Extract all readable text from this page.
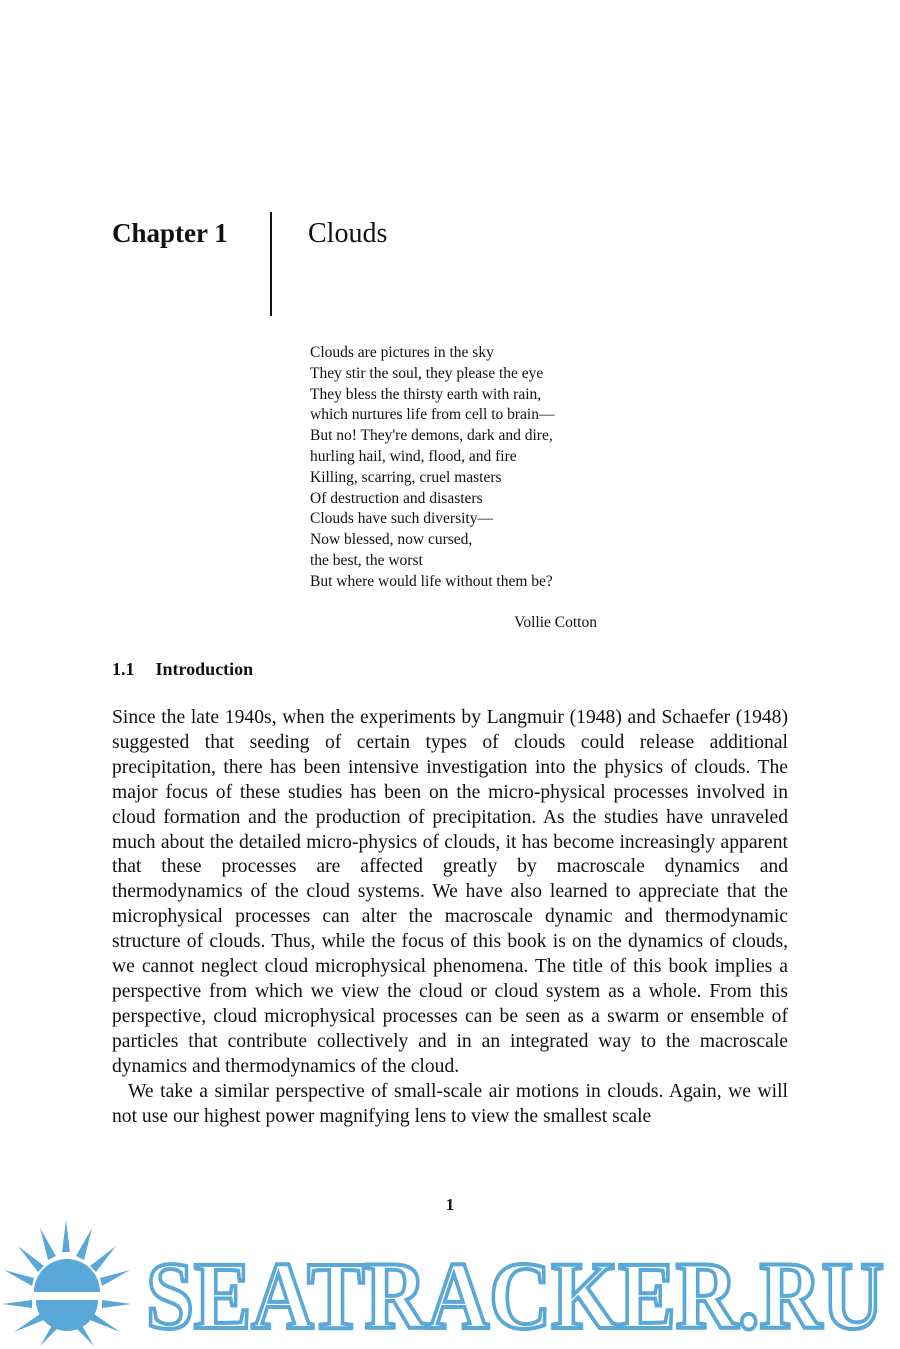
Chapter 1	Clouds
Clouds are pictures in the sky
They stir the soul, they please the eye
They bless the thirsty earth with rain,
which nurtures life from cell to brain—
But no! They're demons, dark and dire,
hurling hail, wind, flood, and fire
Killing, scarring, cruel masters
Of destruction and disasters
Clouds have such diversity—
Now blessed, now cursed,
the best, the worst
But where would life without them be?
Vollie Cotton
1.1 Introduction

Since the late 1940s, when the experiments by Langmuir (1948) and Schaefer (1948) suggested that seeding of certain types of clouds could release additional precipitation, there has been intensive investigation into the physics of clouds. The major focus of these studies has been on the micro-physical processes involved in cloud formation and the production of precipitation. As the studies have unraveled much about the detailed micro-physics of clouds, it has become increasingly apparent that these processes are affected greatly by macroscale dynamics and thermodynamics of the cloud systems. We have also learned to appreciate that the microphysical processes can alter the macroscale dynamic and thermodynamic structure of clouds. Thus, while the focus of this book is on the dynamics of clouds, we cannot neglect cloud microphysical phenomena. The title of this book implies a perspective from which we view the cloud or cloud system as a whole. From this perspective, cloud microphysical processes can be seen as a swarm or ensemble of particles that contribute collectively and in an integrated way to the macroscale dynamics and thermodynamics of the cloud.

We take a similar perspective of small-scale air motions in clouds. Again, we will not use our highest power magnifying lens to view the smallest scale

1
SEATRACKER.RU
